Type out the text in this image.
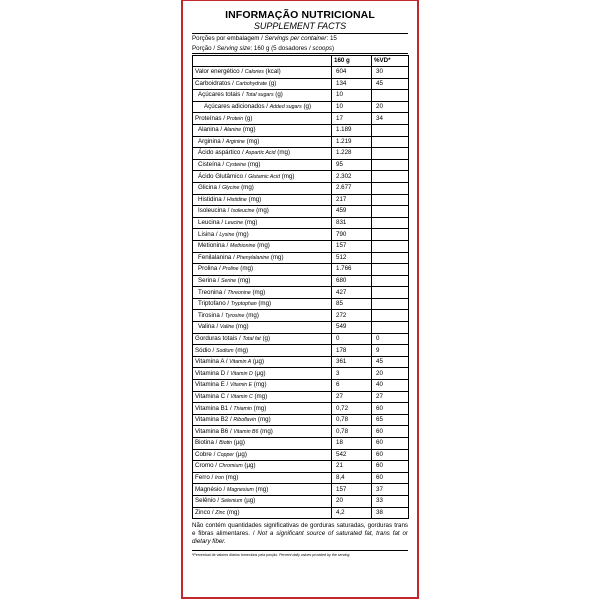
INFORMAÇÃO NUTRICIONAL
SUPPLEMENT FACTS
Porções por embalagem / Servings per container: 15
Porção / Serving size: 160 g (5 dosadores / scoops)
	160 g	%VD*
Valor energético / Calories (kcal)	604	30
Carboidratos / Carbohydrate (g)	134	45
Açúcares totais / Total sugars (g)	10	
Açúcares adicionados / Added sugars (g)	10	20
Proteínas / Protein (g)	17	34
Alanina / Alanine (mg)	1.189	
Arginina / Arginine (mg)	1.219	
Ácido aspártico / Aspartic Acid (mg)	1.228	
Cisteína / Cysteine (mg)	95	
Ácido Glutâmico / Glutamic Acid (mg)	2.302	
Glicina / Glycine (mg)	2.677	
Histidina / Histidine (mg)	217	
Isoleucina / Isoleucine (mg)	459	
Leucina / Leucine (mg)	831	
Lisina / Lysine (mg)	790	
Metionina / Methionine (mg)	157	
Fenilalanina / Phenylalanine (mg)	512	
Prolina / Proline (mg)	1.766	
Serina / Serine (mg)	680	
Treonina / Threonine (mg)	427	
Triptofano / Tryptophan (mg)	85	
Tirosina / Tyrosine (mg)	272	
Valina / Valine (mg)	549	
Gorduras totais / Total fat (g)	0	0
Sódio / Sodium (mg)	178	9
Vitamina A / Vitamin A (µg)	361	45
Vitamina D / Vitamin D (µg)	3	20
Vitamina E / Vitamin E (mg)	6	40
Vitamina C / Vitamin C (mg)	27	27
Vitamina B1 / Thiamin (mg)	0,72	60
Vitamina B2 / Riboflavin (mg)	0,78	65
Vitamina B6 / Vitamin B6 (mg)	0,78	60
Biotina / Biotin (µg)	18	60
Cobre / Copper (µg)	542	60
Cromo / Chromium (µg)	21	60
Ferro / Iron (mg)	8,4	60
Magnésio / Magnesium (mg)	157	37
Selênio / Selenium (µg)	20	33
Zinco / Zinc (mg)	4,2	38
Não contém quantidades significativas de gorduras saturadas, gorduras trans e fibras alimentares. / Not a significant source of saturated fat, trans fat or dietary fiber.
*Percentual de valores diários fornecidos pela porção. Percent daily values provided by the serving.
